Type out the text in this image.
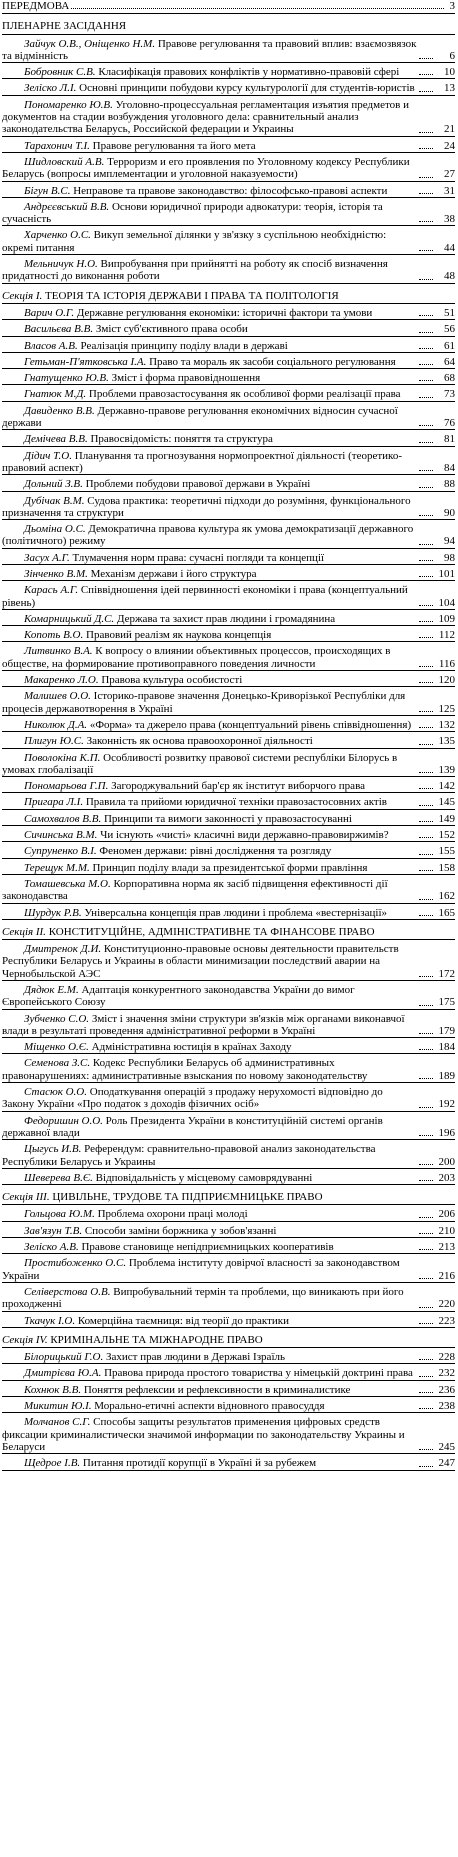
ПЕРЕДМОВА	3
ПЛЕНАРНЕ ЗАСІДАННЯ
Зайчук О.В., Оніщенко Н.М. Правове регулювання та правовий вплив: взаємозвязок та відмінність	6
Бобровник С.В. Класифікація правових конфліктів у нормативно-правовій сфері	10
Зелiско Л.І. Основні принципи побудови курсу культурології для студентів-юристів	13
Пономаренко Ю.В. Уголовно-процессуальная регламентация изъятия предметов и документов на стадии возбуждения уголовного дела: сравнительный анализ законодательства Беларусь, Российской федерации и Украины	21
Тарахонич Т.І. Правове регулювання та його мета	24
Шидловский А.В. Терроризм и его проявления по Уголовному кодексу Республики Беларусь (вопросы имплементации и уголовной наказуемости)	27
Бігун В.С. Неправове та правове законодавство: філософсько-правові аспекти	31
Андрєєвський В.В. Основи юридичної природи адвокатури: теорія, історія та сучасність	38
Харченко О.С. Викуп земельної ділянки у зв'язку з суспільною необхідністю: окремі питання	44
Мельничук Н.О. Випробування при прийнятті на роботу як спосіб визначення придатності до виконання роботи	48
Секція І. ТЕОРІЯ ТА ІСТОРІЯ ДЕРЖАВИ І ПРАВА ТА ПОЛІТОЛОГІЯ
Варич О.Г. Державне регулювання економіки: історичні фактори та умови	51
Васильєва В.В. Зміст суб'єктивного права особи	56
Власов А.В. Реалізація принципу поділу влади в державі	61
Гетьман-П'ятковська І.А. Право та мораль як засоби соціального регулювання	64
Гнатущенко Ю.В. Зміст і форма правовідношення	68
Гнатюк М.Д. Проблеми правозастосування як особливої форми реалізації права	73
Давиденко В.В. Державно-правове регулювання економічних відносин сучасної держави	76
Демічева В.В. Правосвідомість: поняття та структура	81
Дідич Т.О. Планування та прогнозування нормопроектної діяльності (теоретико-правовий аспект)	84
Дольний З.В. Проблеми побудови правової держави в Україні	88
Дубічак В.М. Судова практика: теоретичні підходи до розуміння, функціонального призначення та структури	90
Дьоміна О.С. Демократична правова культура як умова демократизації державного (політичного) режиму	94
Засух А.Г. Тлумачення норм права: сучасні погляди та концепції	98
Зінченко В.М. Механізм держави і його структура	101
Карась А.Г. Співвідношення ідей первинності економіки і права (концептуальний рівень)	104
Комарницький Д.С. Держава та захист прав людини і громадянина	109
Копоть В.О. Правовий реалізм як наукова концепція	112
Литвинко В.А. К вопросу о влиянии объективных процессов, происходящих в обществе, на формирование противоправного поведения личности	116
Макаренко Л.О. Правова культура особистості	120
Малишев О.О. Історико-правове значення Донецько-Криворізької Республіки для процесів державотворення в Україні	125
Николюк Д.А. «Форма» та джерело права (концептуальний рівень співвідношення)	132
Плигун Ю.С. Законність як основа правоохоронної діяльності	135
Поволокіна К.П. Особливості розвитку правової системи республіки Білорусь в умовах глобалізації	139
Пономарьова Г.П. Загороджувальний бар'єр як інститут виборчого права	142
Пригара Л.І. Правила та прийоми юридичної техніки правозастосовних актів	145
Самохвалов В.В. Принципи та вимоги законності у правозастосуванні	149
Сичинська В.М. Чи існують «чисті» класичні види державно-правовиржимів?	152
Супруненко В.І. Феномен держави: рівні дослідження та розгляду	155
Терещук М.М. Принцип поділу влади за президентської форми правління	158
Томашевська М.О. Корпоративна норма як засіб підвищення ефективності дії законодавства	162
Шурдук Р.В. Універсальна концепція прав людини і проблема «вестернізації»	165
Секція ІІ. КОНСТИТУЦІЙНЕ, АДМІНІСТРАТИВНЕ ТА ФІНАНСОВЕ ПРАВО
Дмитренок Д.И. Конституционно-правовые основы деятельности правительств Республики Беларусь и Украины в области минимизации последствий аварии на Чернобыльской АЭС	172
Дядюк Е.М. Адаптація конкурентного законодавства України до вимог Європейського Союзу	175
Зубченко С.О. Зміст і значення зміни структури зв'язків між органами виконавчої влади в результаті проведення адміністративної реформи в Україні	179
Міщенко О.Є. Адміністративна юстиція в країнах Заходу	184
Семенова З.С. Кодекс Республики Беларусь об административных правонарушениях: административные взыскания по новому законодательству	189
Стасюк О.О. Оподаткування операцій з продажу нерухомості відповідно до Закону України «Про податок з доходів фізичних осіб»	192
Федоришин О.О. Роль Президента України в конституційній системі органів державної влади	196
Цыгусь И.В. Референдум: сравнительно-правовой анализ законодательства Республики Беларусь и Украины	200
Шеверева В.Є. Відповідальність у місцевому самоврядуванні	203
Секція ІІІ. ЦИВІЛЬНЕ, ТРУДОВЕ ТА ПІДПРИЄМНИЦЬКЕ ПРАВО
Гольцова Ю.М. Проблема охорони праці молоді	206
Зав'язун Т.В. Способи заміни боржника у зобов'язанні	210
Зеліско А.В. Правове становище непідприємницьких кооперативів	213
Простибоженко О.С. Проблема інституту довірчої власності за законодавством України	216
Селіверстова О.В. Випробувальний термін та проблеми, що виникають при його проходженні	220
Ткачук І.О. Комерційна таємниця: від теорії до практики	223
Секція IV. КРИМІНАЛЬНЕ ТА МІЖНАРОДНЕ ПРАВО
Білорицький Г.О. Захист прав людини в Державі Ізраїль	228
Дмитрієва Ю.А. Правова природа простого товариства у німецькій доктрині права	232
Кохнюк В.В. Поняття рефлексии и рефлексивности в криминалистике	236
Микитин Ю.І. Морально-етичні аспекти відновного правосуддя	238
Молчанов С.Г. Способы защиты результатов применения цифровых средств фиксации криминалистически значимой информации по законодательству Украины и Беларуси	245
Щедрое І.В. Питання протидії корупції в Україні й за рубежем	247
